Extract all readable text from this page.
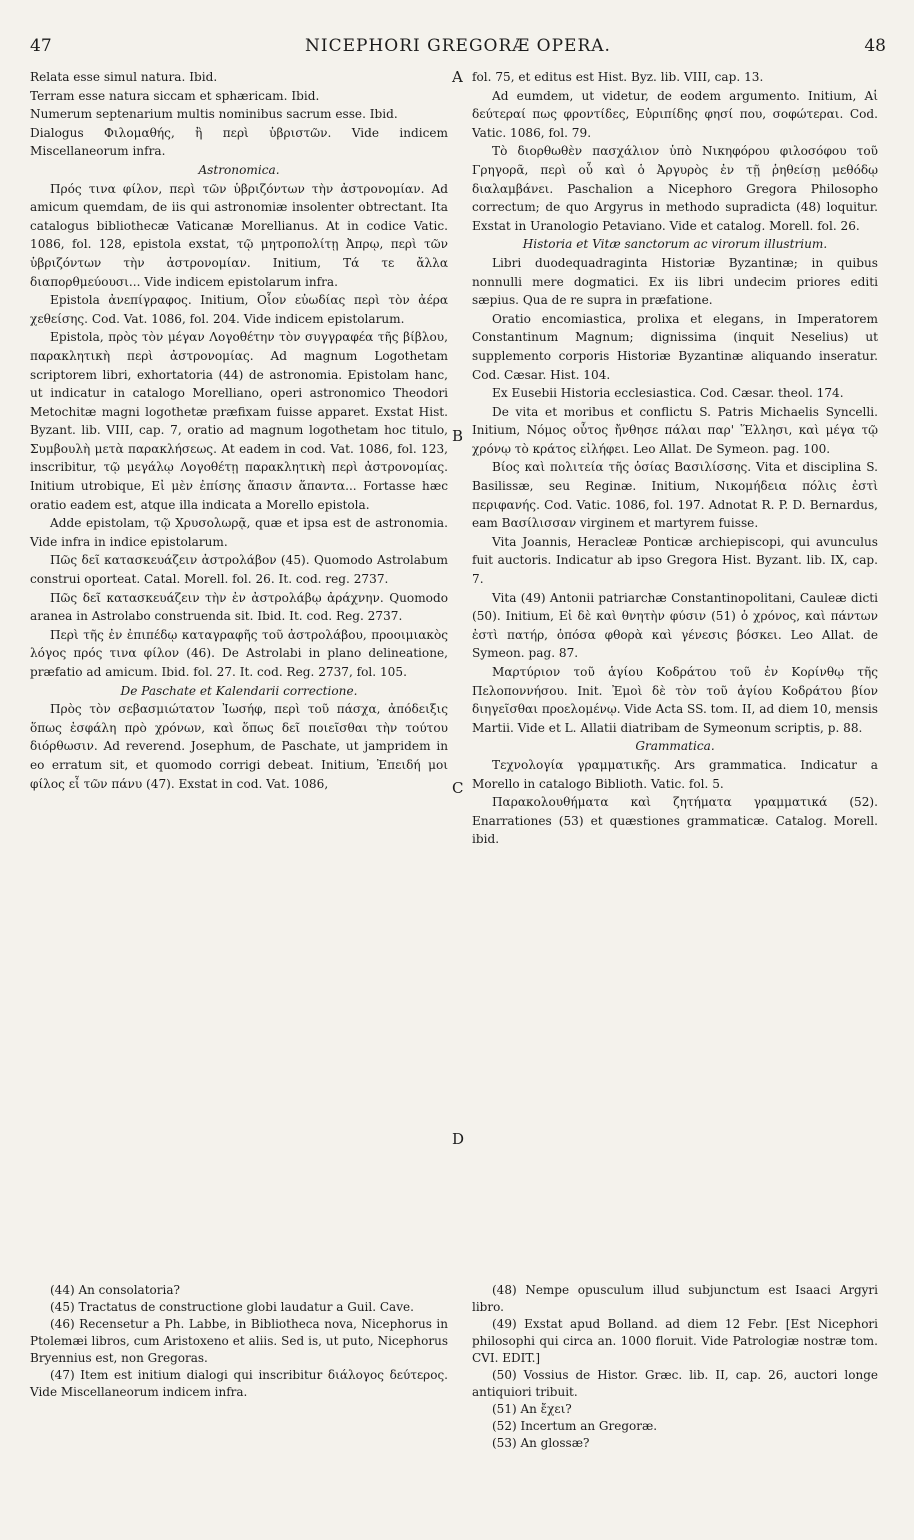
47	NICEPHORI GREGORÆ OPERA.	48

Relata esse simul natura. Ibid.

Terram esse natura siccam et sphæricam. Ibid.

Numerum septenarium multis nominibus sacrum esse. Ibid.

Dialogus Φιλομαθής, ἢ περὶ ὑβριστῶν. Vide indicem Miscellaneorum infra.

Astronomica.

Πρός τινα φίλον, περὶ τῶν ὑβριζόντων τὴν ἀστρονομίαν. Ad amicum quemdam, de iis qui astronomiæ insolenter obtrectant. Ita catalogus bibliothecæ Vaticanæ Morellianus. At in codice Vatic. 1086, fol. 128, epistola exstat, τῷ μητροπολίτῃ Ἀπρῳ, περὶ τῶν ὑβριζόντων τὴν ἀστρονομίαν. Initium, Τά τε ἄλλα διαπορθμεύουσι... Vide indicem epistolarum infra.

Epistola ἀνεπίγραφος. Initium, Οἷον εὐωδίας περὶ τὸν ἀέρα χεθείσης. Cod. Vat. 1086, fol. 204. Vide indicem epistolarum.

Epistola, πρὸς τὸν μέγαν Λογοθέτην τὸν συγγραφέα τῆς βίβλου, παρακλητικὴ περὶ ἀστρονομίας. Ad magnum Logothetam scriptorem libri, exhortatoria (44) de astronomia. Epistolam hanc, ut indicatur in catalogo Morelliano, operi astronomico Theodori Metochitæ magni logothetæ præfixam fuisse apparet. Exstat Hist. Byzant. lib. VIII, cap. 7, oratio ad magnum logothetam hoc titulo, Συμβουλὴ μετὰ παρακλήσεως. At eadem in cod. Vat. 1086, fol. 123, inscribitur, τῷ μεγάλῳ Λογοθέτῃ παρακλητικὴ περὶ ἀστρονομίας. Initium utrobique, Εἰ μὲν ἐπίσης ἅπασιν ἅπαντα... Fortasse hæc oratio eadem est, atque illa indicata a Morello epistola.

Adde epistolam, τῷ Χρυσολωρᾷ, quæ et ipsa est de astronomia. Vide infra in indice epistolarum.

Πῶς δεῖ κατασκευάζειν ἀστρολάβον (45). Quomodo Astrolabum construi oporteat. Catal. Morell. fol. 26. It. cod. reg. 2737.

Πῶς δεῖ κατασκευάζειν τὴν ἐν ἀστρολάβῳ ἀράχνην. Quomodo aranea in Astrolabo construenda sit. Ibid. It. cod. Reg. 2737.

Περὶ τῆς ἐν ἐπιπέδῳ καταγραφῆς τοῦ ἀστρολάβου, προοιμιακὸς λόγος πρός τινα φίλον (46). De Astrolabi in plano delineatione, præfatio ad amicum. Ibid. fol. 27. It. cod. Reg. 2737, fol. 105.

De Paschate et Kalendarii correctione.

Πρὸς τὸν σεβασμιώτατον Ἰωσήφ, περὶ τοῦ πάσχα, ἀπόδειξις ὅπως ἐσφάλη πρὸ χρόνων, καὶ ὅπως δεῖ ποιεῖσθαι τὴν τούτου διόρθωσιν. Ad reverend. Josephum, de Paschate, ut jampridem in eo erratum sit, et quomodo corrigi debeat. Initium, Ἐπειδή μοι φίλος εἶ τῶν πάνυ (47). Exstat in cod. Vat. 1086,

fol. 75, et editus est Hist. Byz. lib. VIII, cap. 13.

Ad eumdem, ut videtur, de eodem argumento. Initium, Αἱ δεύτεραί πως φροντίδες, Εὐριπίδης φησί που, σοφώτεραι. Cod. Vatic. 1086, fol. 79.

Τὸ διορθωθὲν πασχάλιον ὑπὸ Νικηφόρου φιλοσόφου τοῦ Γρηγορᾶ, περὶ οὗ καὶ ὁ Ἀργυρὸς ἐν τῇ ῥηθείσῃ μεθόδῳ διαλαμβάνει. Paschalion a Nicephoro Gregora Philosopho correctum; de quo Argyrus in methodo supradicta (48) loquitur. Exstat in Uranologio Petaviano. Vide et catalog. Morell. fol. 26.

Historia et Vitæ sanctorum ac virorum illustrium.

Libri duodequadraginta Historiæ Byzantinæ; in quibus nonnulli mere dogmatici. Ex iis libri undecim priores editi sæpius. Qua de re supra in præfatione.

Oratio encomiastica, prolixa et elegans, in Imperatorem Constantinum Magnum; dignissima (inquit Neselius) ut supplemento corporis Historiæ Byzantinæ aliquando inseratur. Cod. Cæsar. Hist. 104.

Ex Eusebii Historia ecclesiastica. Cod. Cæsar. theol. 174.

De vita et moribus et conflictu S. Patris Michaelis Syncelli. Initium, Νόμος οὗτος ἤνθησε πάλαι παρ' Ἕλλησι, καὶ μέγα τῷ χρόνῳ τὸ κράτος εἰλήφει. Leo Allat. De Symeon. pag. 100.

Βίος καὶ πολιτεία τῆς ὁσίας Βασιλίσσης. Vita et disciplina S. Basilissæ, seu Reginæ. Initium, Νικομήδεια πόλις ἐστὶ περιφανής. Cod. Vatic. 1086, fol. 197. Adnotat R. P. D. Bernardus, eam Βασίλισσαν virginem et martyrem fuisse.

Vita Joannis, Heracleæ Ponticæ archiepiscopi, qui avunculus fuit auctoris. Indicatur ab ipso Gregora Hist. Byzant. lib. IX, cap. 7.

Vita (49) Antonii patriarchæ Constantinopolitani, Cauleæ dicti (50). Initium, Εἰ δὲ καὶ θνητὴν φύσιν (51) ὁ χρόνος, καὶ πάντων ἐστὶ πατήρ, ὁπόσα φθορὰ καὶ γένεσις βόσκει. Leo Allat. de Symeon. pag. 87.

Μαρτύριον τοῦ ἁγίου Κοδράτου τοῦ ἐν Κορίνθῳ τῆς Πελοποννήσου. Init. Ἐμοὶ δὲ τὸν τοῦ ἁγίου Κοδράτου βίον διηγεῖσθαι προελομένῳ. Vide Acta SS. tom. II, ad diem 10, mensis Martii. Vide et L. Allatii diatribam de Symeonum scriptis, p. 88.

Grammatica.

Τεχνολογία γραμματικῆς. Ars grammatica. Indicatur a Morello in catalogo Biblioth. Vatic. fol. 5.

Παρακολουθήματα καὶ ζητήματα γραμματικά (52). Enarrationes (53) et quæstiones grammaticæ. Catalog. Morell. ibid.

A
B
C
D

(44) An consolatoria?

(45) Tractatus de constructione globi laudatur a Guil. Cave.

(46) Recensetur a Ph. Labbe, in Bibliotheca nova, Nicephorus in Ptolemæi libros, cum Aristoxeno et aliis. Sed is, ut puto, Nicephorus Bryennius est, non Gregoras.

(47) Item est initium dialogi qui inscribitur διάλογος δεύτερος. Vide Miscellaneorum indicem infra.

(48) Nempe opusculum illud subjunctum est Isaaci Argyri libro.

(49) Exstat apud Bolland. ad diem 12 Febr. [Est Nicephori philosophi qui circa an. 1000 floruit. Vide Patrologiæ nostræ tom. CVI. EDIT.]

(50) Vossius de Histor. Græc. lib. II, cap. 26, auctori longe antiquiori tribuit.

(51) An ἔχει?

(52) Incertum an Gregoræ.

(53) An glossæ?
